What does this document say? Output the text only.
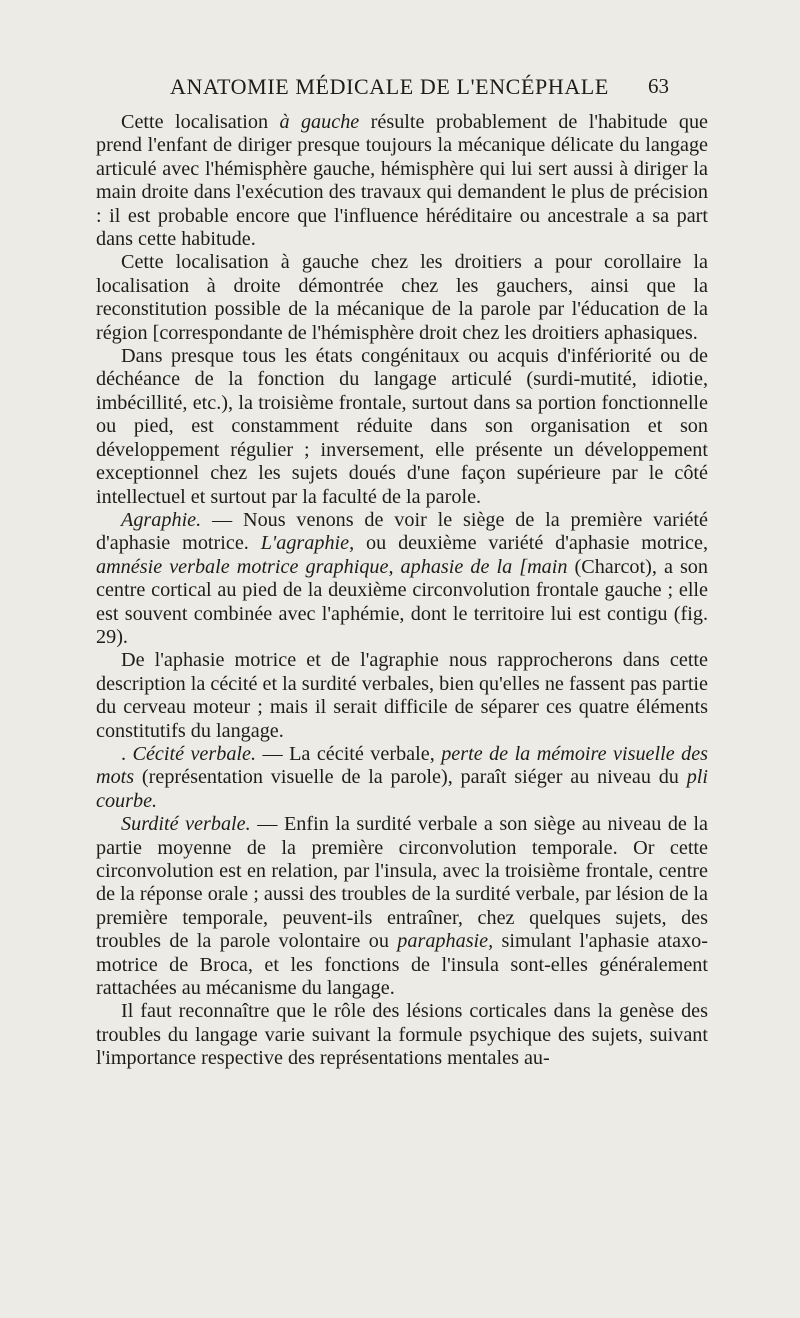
ANATOMIE MÉDICALE DE L'ENCÉPHALE 63

Cette localisation à gauche résulte probablement de l'habitude que prend l'enfant de diriger presque toujours la mécanique délicate du langage articulé avec l'hémisphère gauche, hémisphère qui lui sert aussi à diriger la main droite dans l'exécution des travaux qui demandent le plus de précision : il est probable encore que l'influence héréditaire ou ancestrale a sa part dans cette habitude.

Cette localisation à gauche chez les droitiers a pour corollaire la localisation à droite démontrée chez les gauchers, ainsi que la reconstitution possible de la mécanique de la parole par l'éducation de la région [correspondante de l'hémisphère droit chez les droitiers aphasiques.

Dans presque tous les états congénitaux ou acquis d'infériorité ou de déchéance de la fonction du langage articulé (surdi-mutité, idiotie, imbécillité, etc.), la troisième frontale, surtout dans sa portion fonctionnelle ou pied, est constamment réduite dans son organisation et son développement régulier ; inversement, elle présente un développement exceptionnel chez les sujets doués d'une façon supérieure par le côté intellectuel et surtout par la faculté de la parole.

Agraphie. — Nous venons de voir le siège de la première variété d'aphasie motrice. L'agraphie, ou deuxième variété d'aphasie motrice, amnésie verbale motrice graphique, aphasie de la [main (Charcot), a son centre cortical au pied de la deuxième circonvolution frontale gauche ; elle est souvent combinée avec l'aphémie, dont le territoire lui est contigu (fig. 29).

De l'aphasie motrice et de l'agraphie nous rapprocherons dans cette description la cécité et la surdité verbales, bien qu'elles ne fassent pas partie du cerveau moteur ; mais il serait difficile de séparer ces quatre éléments constitutifs du langage.

. Cécité verbale. — La cécité verbale, perte de la mémoire visuelle des mots (représentation visuelle de la parole), paraît siéger au niveau du pli courbe.

Surdité verbale. — Enfin la surdité verbale a son siège au niveau de la partie moyenne de la première circonvolution temporale. Or cette circonvolution est en relation, par l'insula, avec la troisième frontale, centre de la réponse orale ; aussi des troubles de la surdité verbale, par lésion de la première temporale, peuvent-ils entraîner, chez quelques sujets, des troubles de la parole volontaire ou paraphasie, simulant l'aphasie ataxo-motrice de Broca, et les fonctions de l'insula sont-elles généralement rattachées au mécanisme du langage.

Il faut reconnaître que le rôle des lésions corticales dans la genèse des troubles du langage varie suivant la formule psychique des sujets, suivant l'importance respective des représentations mentales au-
